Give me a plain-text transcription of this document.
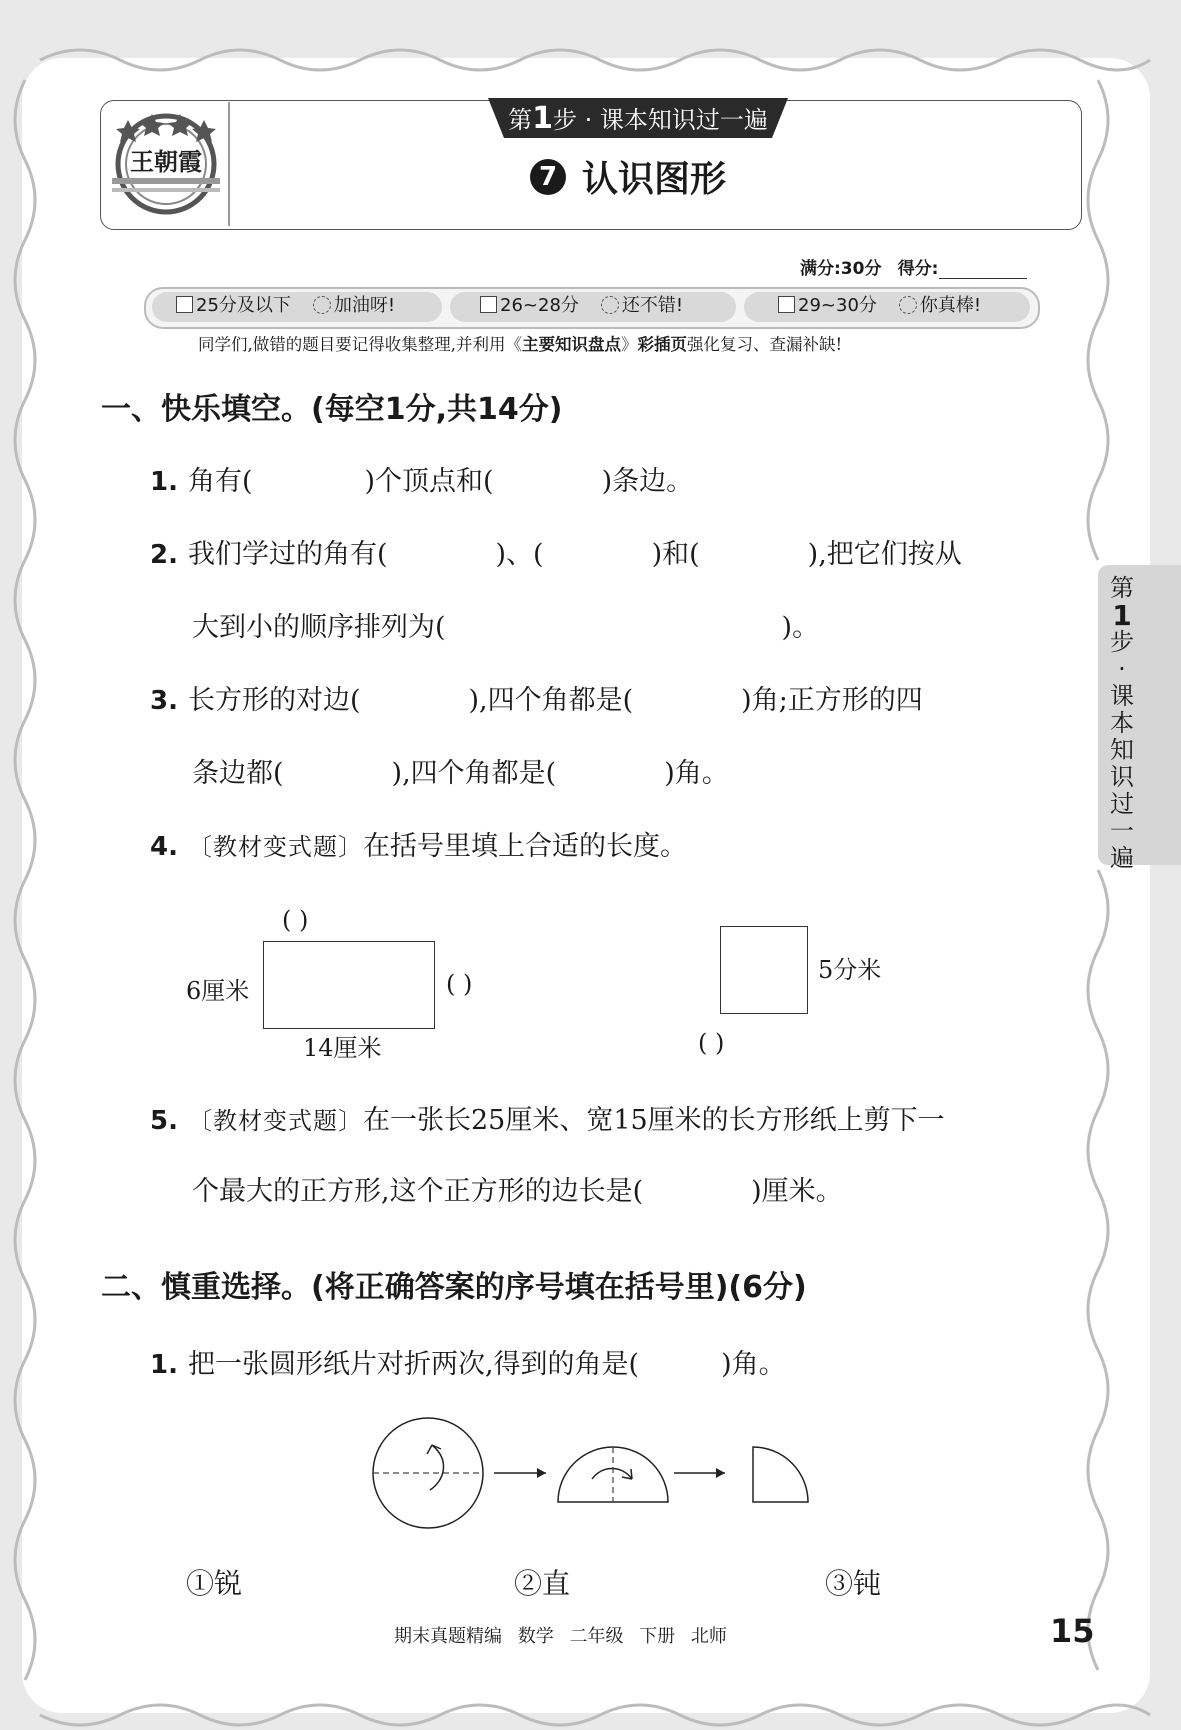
王朝霞
第1步 · 课本知识过一遍
7 认识图形
满分:30分 得分:
25分及以下 加油呀!	26~28分 还不错!	29~30分 你真棒!
同学们,做错的题目要记得收集整理,并利用《主要知识盘点》彩插页强化复习、查漏补缺!
一、快乐填空。(每空1分,共14分)
1. 角有(	)个顶点和(	)条边。
2. 我们学过的角有(	)、(	)和(	),把它们按从
大到小的顺序排列为(	)。
3. 长方形的对边(	),四个角都是(	)角;正方形的四
条边都(	),四个角都是(	)角。
4. 〔教材变式题〕在括号里填上合适的长度。
( )
6厘米	( )
14厘米
5分米
( )
5. 〔教材变式题〕在一张长25厘米、宽15厘米的长方形纸上剪下一
个最大的正方形,这个正方形的边长是(	)厘米。
二、慎重选择。(将正确答案的序号填在括号里)(6分)
1. 把一张圆形纸片对折两次,得到的角是(	)角。
①锐	②直	③钝
第
1
步
·
课
本
知
识
过
一
遍
期末真题精编 数学 二年级 下册 北师	15
